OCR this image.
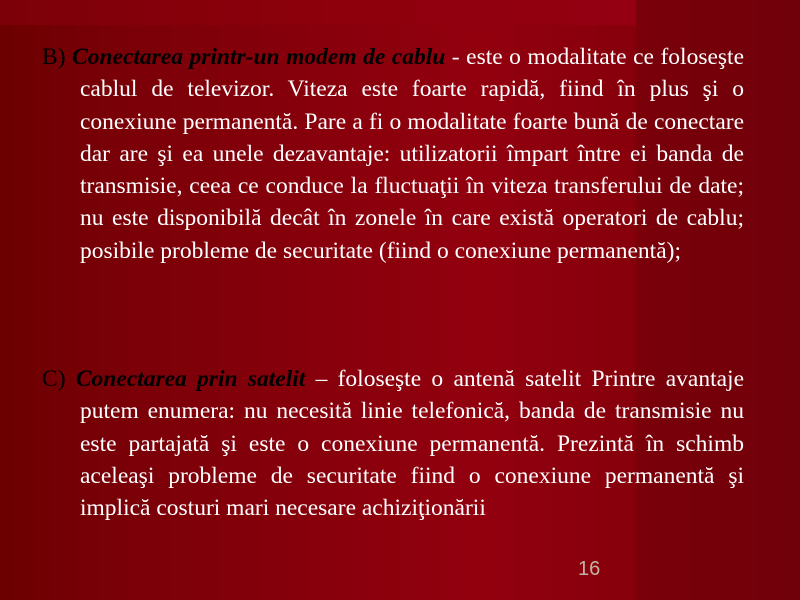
B) Conectarea printr-un modem de cablu - este o modalitate ce foloseşte cablul de televizor. Viteza este foarte rapidă, fiind în plus şi o conexiune permanentă. Pare a fi o modalitate foarte bună de conectare dar are şi ea unele dezavantaje: utilizatorii împart între ei banda de transmisie, ceea ce conduce la fluctuaţii în viteza transferului de date; nu este disponibilă decât în zonele în care există operatori de cablu; posibile probleme de securitate (fiind o conexiune permanentă);

C) Conectarea prin satelit – foloseşte o antenă satelit Printre avantaje putem enumera: nu necesită linie telefonică, banda de transmisie nu este partajată şi este o conexiune permanentă. Prezintă în schimb aceleaşi probleme de securitate fiind o conexiune permanentă şi implică costuri mari necesare achiziţionării

16
